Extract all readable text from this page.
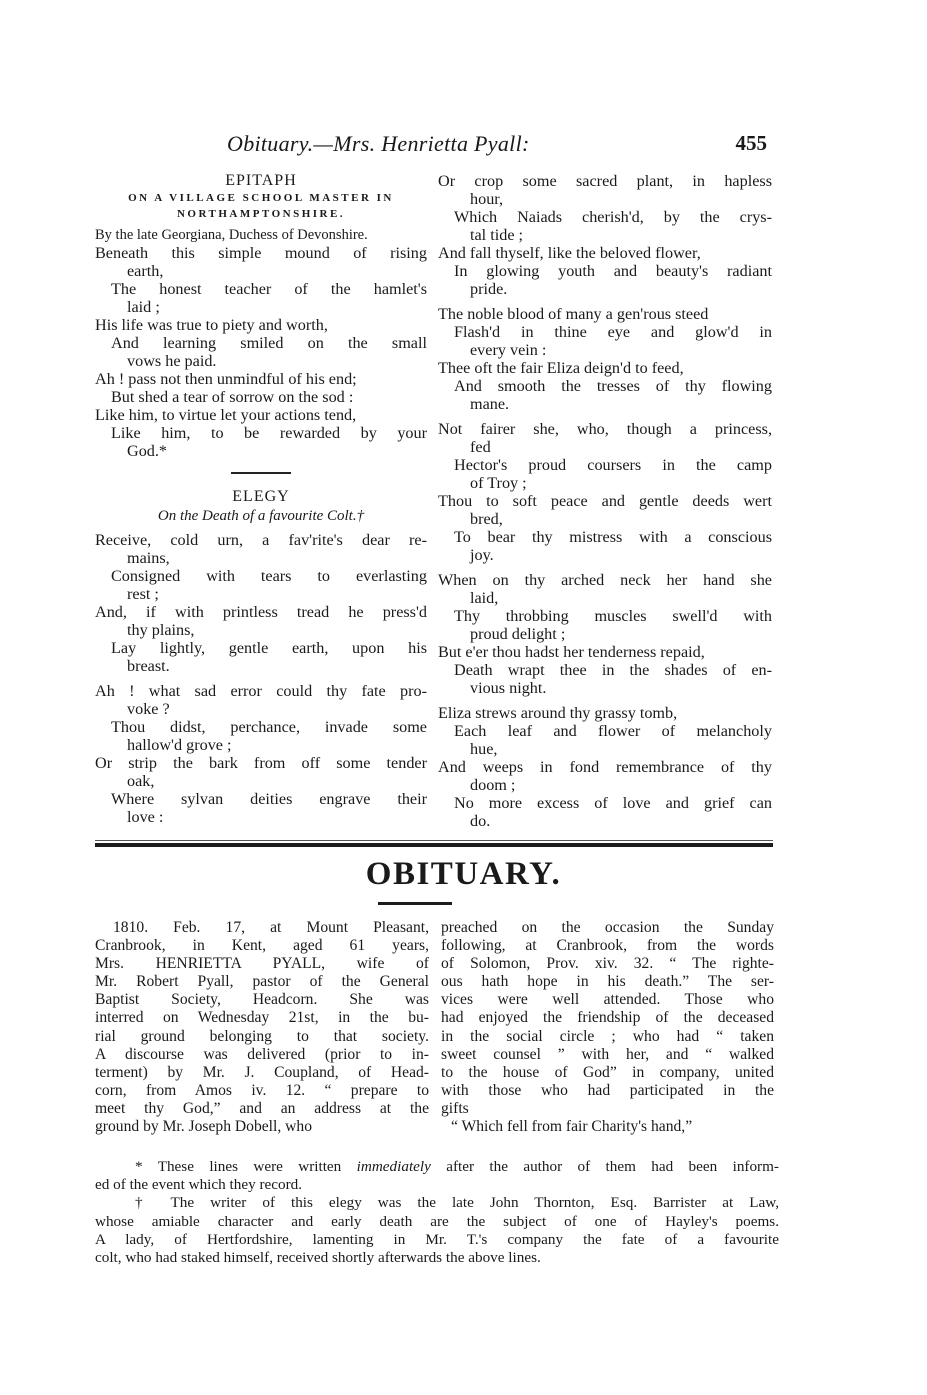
Obituary.—Mrs. Henrietta Pyall:	455
EPITAPH
ON A VILLAGE SCHOOL MASTER IN
NORTHAMPTONSHIRE.
By the late Georgiana, Duchess of Devonshire.
Beneath this simple mound of rising
earth,
The honest teacher of the hamlet's
laid ;
His life was true to piety and worth,
And learning smiled on the small
vows he paid.
Ah ! pass not then unmindful of his end;
But shed a tear of sorrow on the sod :
Like him, to virtue let your actions tend,
Like him, to be rewarded by your
God.*
ELEGY
On the Death of a favourite Colt.†
Receive, cold urn, a fav'rite's dear re-
mains,
Consigned with tears to everlasting
rest ;
And, if with printless tread he press'd
thy plains,
Lay lightly, gentle earth, upon his
breast.
Ah ! what sad error could thy fate pro-
voke ?
Thou didst, perchance, invade some
hallow'd grove ;
Or strip the bark from off some tender
oak,
Where sylvan deities engrave their
love :
Or crop some sacred plant, in hapless
hour,
Which Naiads cherish'd, by the crys-
tal tide ;
And fall thyself, like the beloved flower,
In glowing youth and beauty's radiant
pride.
The noble blood of many a gen'rous steed
Flash'd in thine eye and glow'd in
every vein :
Thee oft the fair Eliza deign'd to feed,
And smooth the tresses of thy flowing
mane.
Not fairer she, who, though a princess,
fed
Hector's proud coursers in the camp
of Troy ;
Thou to soft peace and gentle deeds wert
bred,
To bear thy mistress with a conscious
joy.
When on thy arched neck her hand she
laid,
Thy throbbing muscles swell'd with
proud delight ;
But e'er thou hadst her tenderness repaid,
Death wrapt thee in the shades of en-
vious night.
Eliza strews around thy grassy tomb,
Each leaf and flower of melancholy
hue,
And weeps in fond remembrance of thy
doom ;
No more excess of love and grief can
do.
OBITUARY.
1810. Feb. 17, at Mount Pleasant,
Cranbrook, in Kent, aged 61 years,
Mrs. HENRIETTA PYALL, wife of
Mr. Robert Pyall, pastor of the General
Baptist Society, Headcorn. She was
interred on Wednesday 21st, in the bu-
rial ground belonging to that society.
A discourse was delivered (prior to in-
terment) by Mr. J. Coupland, of Head-
corn, from Amos iv. 12. “ prepare to
meet thy God,” and an address at the
ground by Mr. Joseph Dobell, who
preached on the occasion the Sunday
following, at Cranbrook, from the words
of Solomon, Prov. xiv. 32. “ The righte-
ous hath hope in his death.” The ser-
vices were well attended. Those who
had enjoyed the friendship of the deceased
in the social circle ; who had “ taken
sweet counsel ” with her, and “ walked
to the house of God” in company, united
with those who had participated in the
gifts
“ Which fell from fair Charity's hand,”
* These lines were written immediately after the author of them had been inform-
ed of the event which they record.
† The writer of this elegy was the late John Thornton, Esq. Barrister at Law,
whose amiable character and early death are the subject of one of Hayley's poems.
A lady, of Hertfordshire, lamenting in Mr. T.'s company the fate of a favourite
colt, who had staked himself, received shortly afterwards the above lines.
